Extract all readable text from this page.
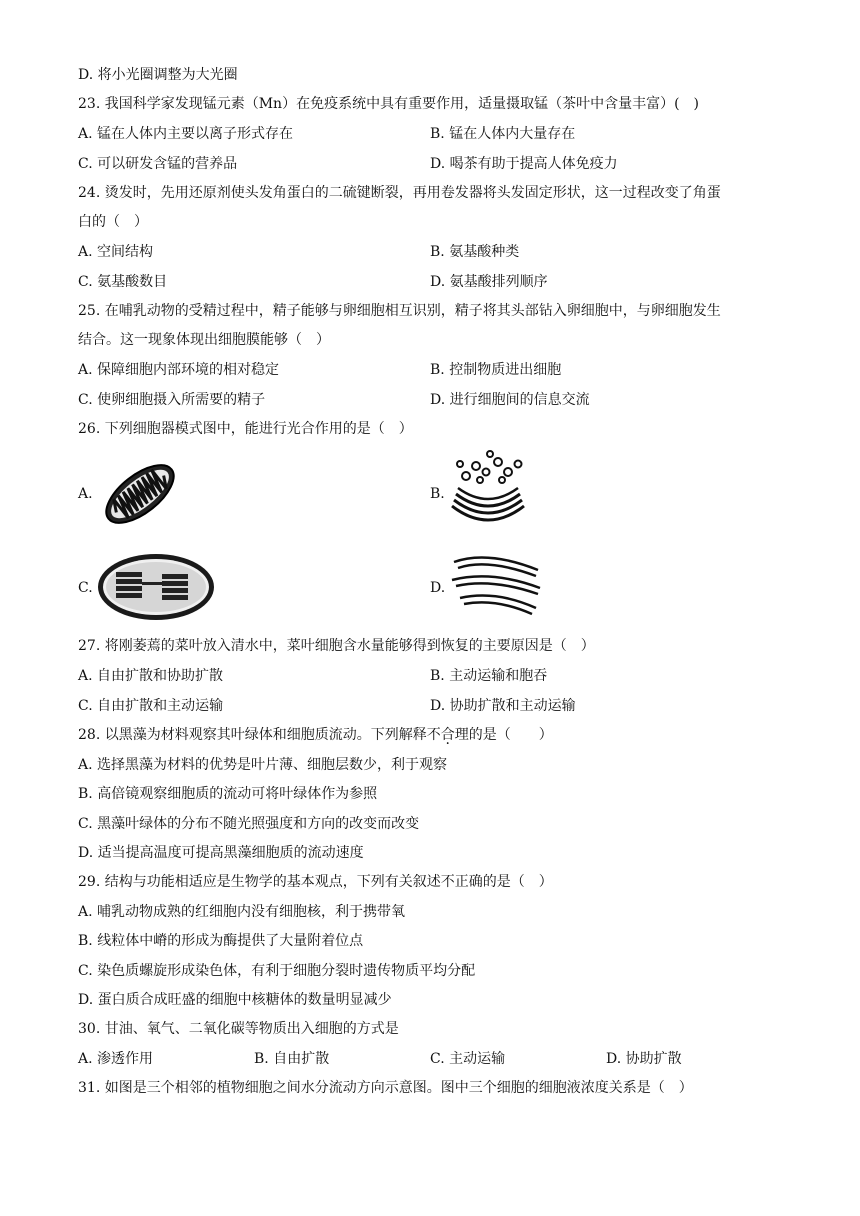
D. 将小光圈调整为大光圈
23. 我国科学家发现锰元素（Mn）在免疫系统中具有重要作用，适量摄取锰（茶叶中含量丰富）(　)
A. 锰在人体内主要以离子形式存在	B. 锰在人体内大量存在
C. 可以研发含锰的营养品	D. 喝茶有助于提高人体免疫力
24. 烫发时，先用还原剂使头发角蛋白的二硫键断裂，再用卷发器将头发固定形状，这一过程改变了角蛋
白的（　）
A. 空间结构	B. 氨基酸种类
C. 氨基酸数目	D. 氨基酸排列顺序
25. 在哺乳动物的受精过程中，精子能够与卵细胞相互识别，精子将其头部钻入卵细胞中，与卵细胞发生
结合。这一现象体现出细胞膜能够（　）
A. 保障细胞内部环境的相对稳定	B. 控制物质进出细胞
C. 使卵细胞摄入所需要的精子	D. 进行细胞间的信息交流
26. 下列细胞器模式图中，能进行光合作用的是（　）
A.	B.
C.	D.
27. 将刚萎蔫的菜叶放入清水中，菜叶细胞含水量能够得到恢复的主要原因是（　）
A. 自由扩散和协助扩散	B. 主动运输和胞吞
C. 自由扩散和主动运输	D. 协助扩散和主动运输
28. 以黑藻为材料观察其叶绿体和细胞质流动。下列解释不合理的是（　　）
A. 选择黑藻为材料的优势是叶片薄、细胞层数少，利于观察
B. 高倍镜观察细胞质的流动可将叶绿体作为参照
C. 黑藻叶绿体的分布不随光照强度和方向的改变而改变
D. 适当提高温度可提高黑藻细胞质的流动速度
29. 结构与功能相适应是生物学的基本观点，下列有关叙述不正确的是（　）
A. 哺乳动物成熟的红细胞内没有细胞核，利于携带氧
B. 线粒体中嵴的形成为酶提供了大量附着位点
C. 染色质螺旋形成染色体，有利于细胞分裂时遗传物质平均分配
D. 蛋白质合成旺盛的细胞中核糖体的数量明显减少
30. 甘油、氧气、二氧化碳等物质出入细胞的方式是
A. 渗透作用	B. 自由扩散	C. 主动运输	D. 协助扩散
31. 如图是三个相邻的植物细胞之间水分流动方向示意图。图中三个细胞的细胞液浓度关系是（　）
